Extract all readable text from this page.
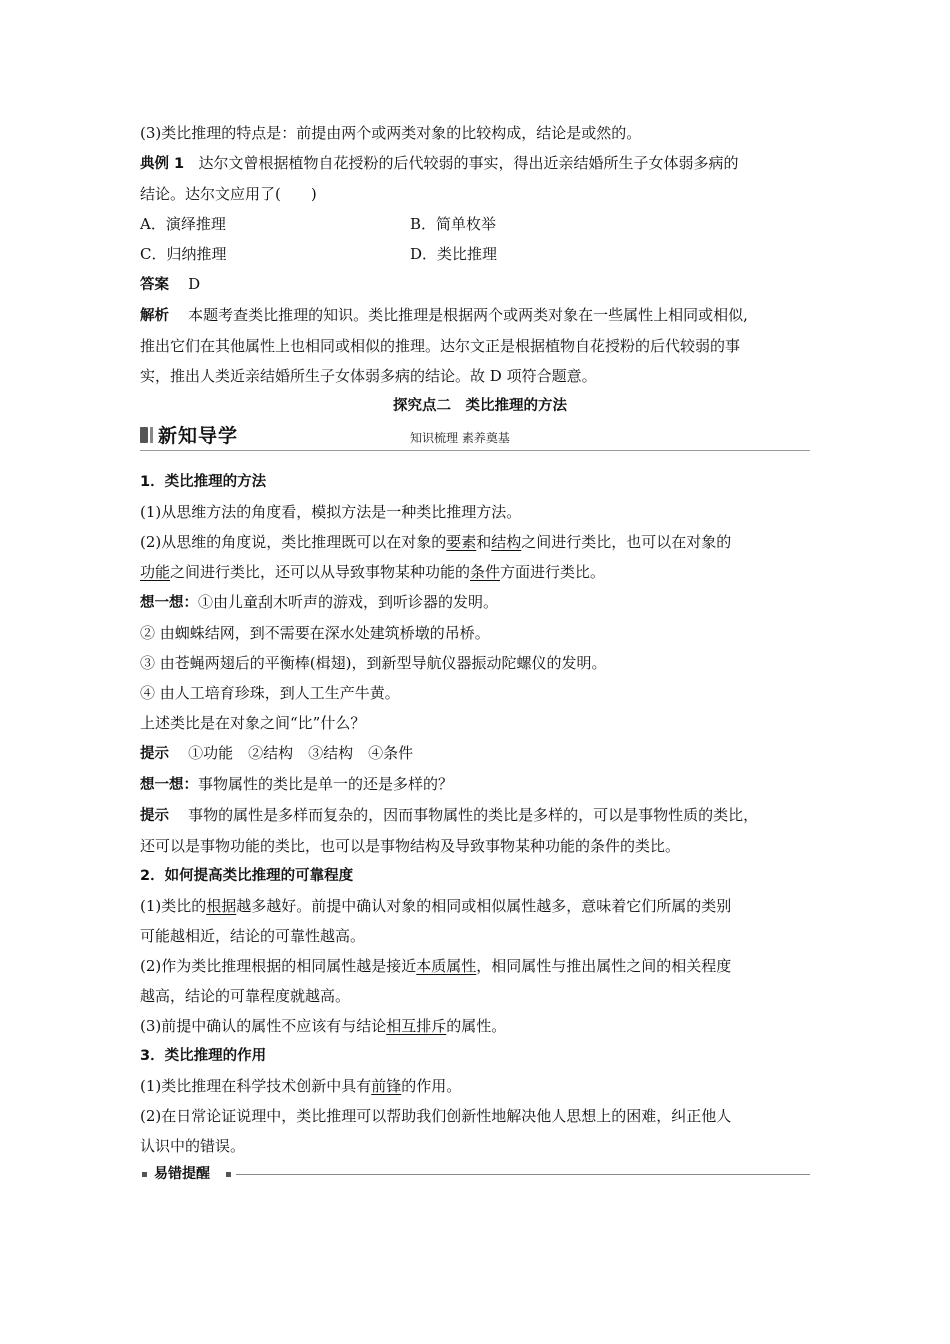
(3)类比推理的特点是：前提由两个或两类对象的比较构成，结论是或然的。
典例 1 达尔文曾根据植物自花授粉的后代较弱的事实，得出近亲结婚所生子女体弱多病的
结论。达尔文应用了(　　)
A．演绎推理	B．简单枚举
C．归纳推理	D．类比推理
答案 D
解析 本题考查类比推理的知识。类比推理是根据两个或两类对象在一些属性上相同或相似,
推出它们在其他属性上也相同或相似的推理。达尔文正是根据植物自花授粉的后代较弱的事
实，推出人类近亲结婚所生子女体弱多病的结论。故 D 项符合题意。
探究点二　类比推理的方法
新知导学	知识梳理 素养奠基
1．类比推理的方法
(1)从思维方法的角度看，模拟方法是一种类比推理方法。
(2)从思维的角度说，类比推理既可以在对象的要素和结构之间进行类比，也可以在对象的
功能之间进行类比，还可以从导致事物某种功能的条件方面进行类比。
想一想：①由儿童刮木听声的游戏，到听诊器的发明。
② 由蜘蛛结网，到不需要在深水处建筑桥墩的吊桥。
③ 由苍蝇两翅后的平衡棒(楫翅)，到新型导航仪器振动陀螺仪的发明。
④ 由人工培育珍珠，到人工生产牛黄。
上述类比是在对象之间“比”什么？
提示 ①功能　②结构　③结构　④条件
想一想：事物属性的类比是单一的还是多样的？
提示 事物的属性是多样而复杂的，因而事物属性的类比是多样的，可以是事物性质的类比，
还可以是事物功能的类比，也可以是事物结构及导致事物某种功能的条件的类比。
2．如何提高类比推理的可靠程度
(1)类比的根据越多越好。前提中确认对象的相同或相似属性越多，意味着它们所属的类别
可能越相近，结论的可靠性越高。
(2)作为类比推理根据的相同属性越是接近本质属性，相同属性与推出属性之间的相关程度
越高，结论的可靠程度就越高。
(3)前提中确认的属性不应该有与结论相互排斥的属性。
3．类比推理的作用
(1)类比推理在科学技术创新中具有前锋的作用。
(2)在日常论证说理中，类比推理可以帮助我们创新性地解决他人思想上的困难，纠正他人
认识中的错误。
易错提醒
